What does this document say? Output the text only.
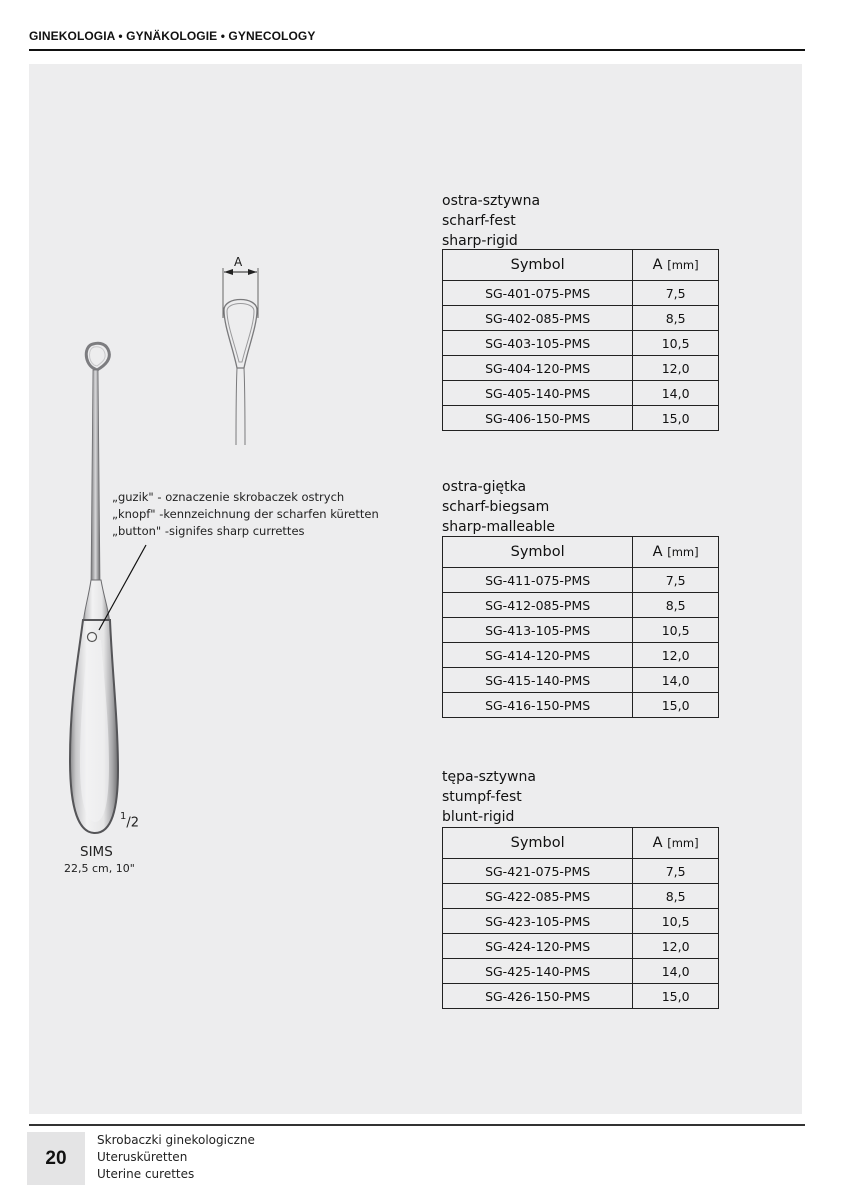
GINEKOLOGIA • GYNÄKOLOGIE • GYNECOLOGY
$^1$/2
A
„guzik" - oznaczenie skrobaczek ostrych
„knopf" -kennzeichnung der scharfen küretten
„button" -signifes sharp currettes
SIMS
22,5 cm, 10"
ostra-sztywna
scharf-fest
sharp-rigid
Symbol	A [mm]
SG-401-075-PMS	7,5
SG-402-085-PMS	8,5
SG-403-105-PMS	10,5
SG-404-120-PMS	12,0
SG-405-140-PMS	14,0
SG-406-150-PMS	15,0
ostra-giętka
scharf-biegsam
sharp-malleable
Symbol	A [mm]
SG-411-075-PMS	7,5
SG-412-085-PMS	8,5
SG-413-105-PMS	10,5
SG-414-120-PMS	12,0
SG-415-140-PMS	14,0
SG-416-150-PMS	15,0
tępa-sztywna
stumpf-fest
blunt-rigid
Symbol	A [mm]
SG-421-075-PMS	7,5
SG-422-085-PMS	8,5
SG-423-105-PMS	10,5
SG-424-120-PMS	12,0
SG-425-140-PMS	14,0
SG-426-150-PMS	15,0
20
Skrobaczki ginekologiczne
Uterusküretten
Uterine curettes
